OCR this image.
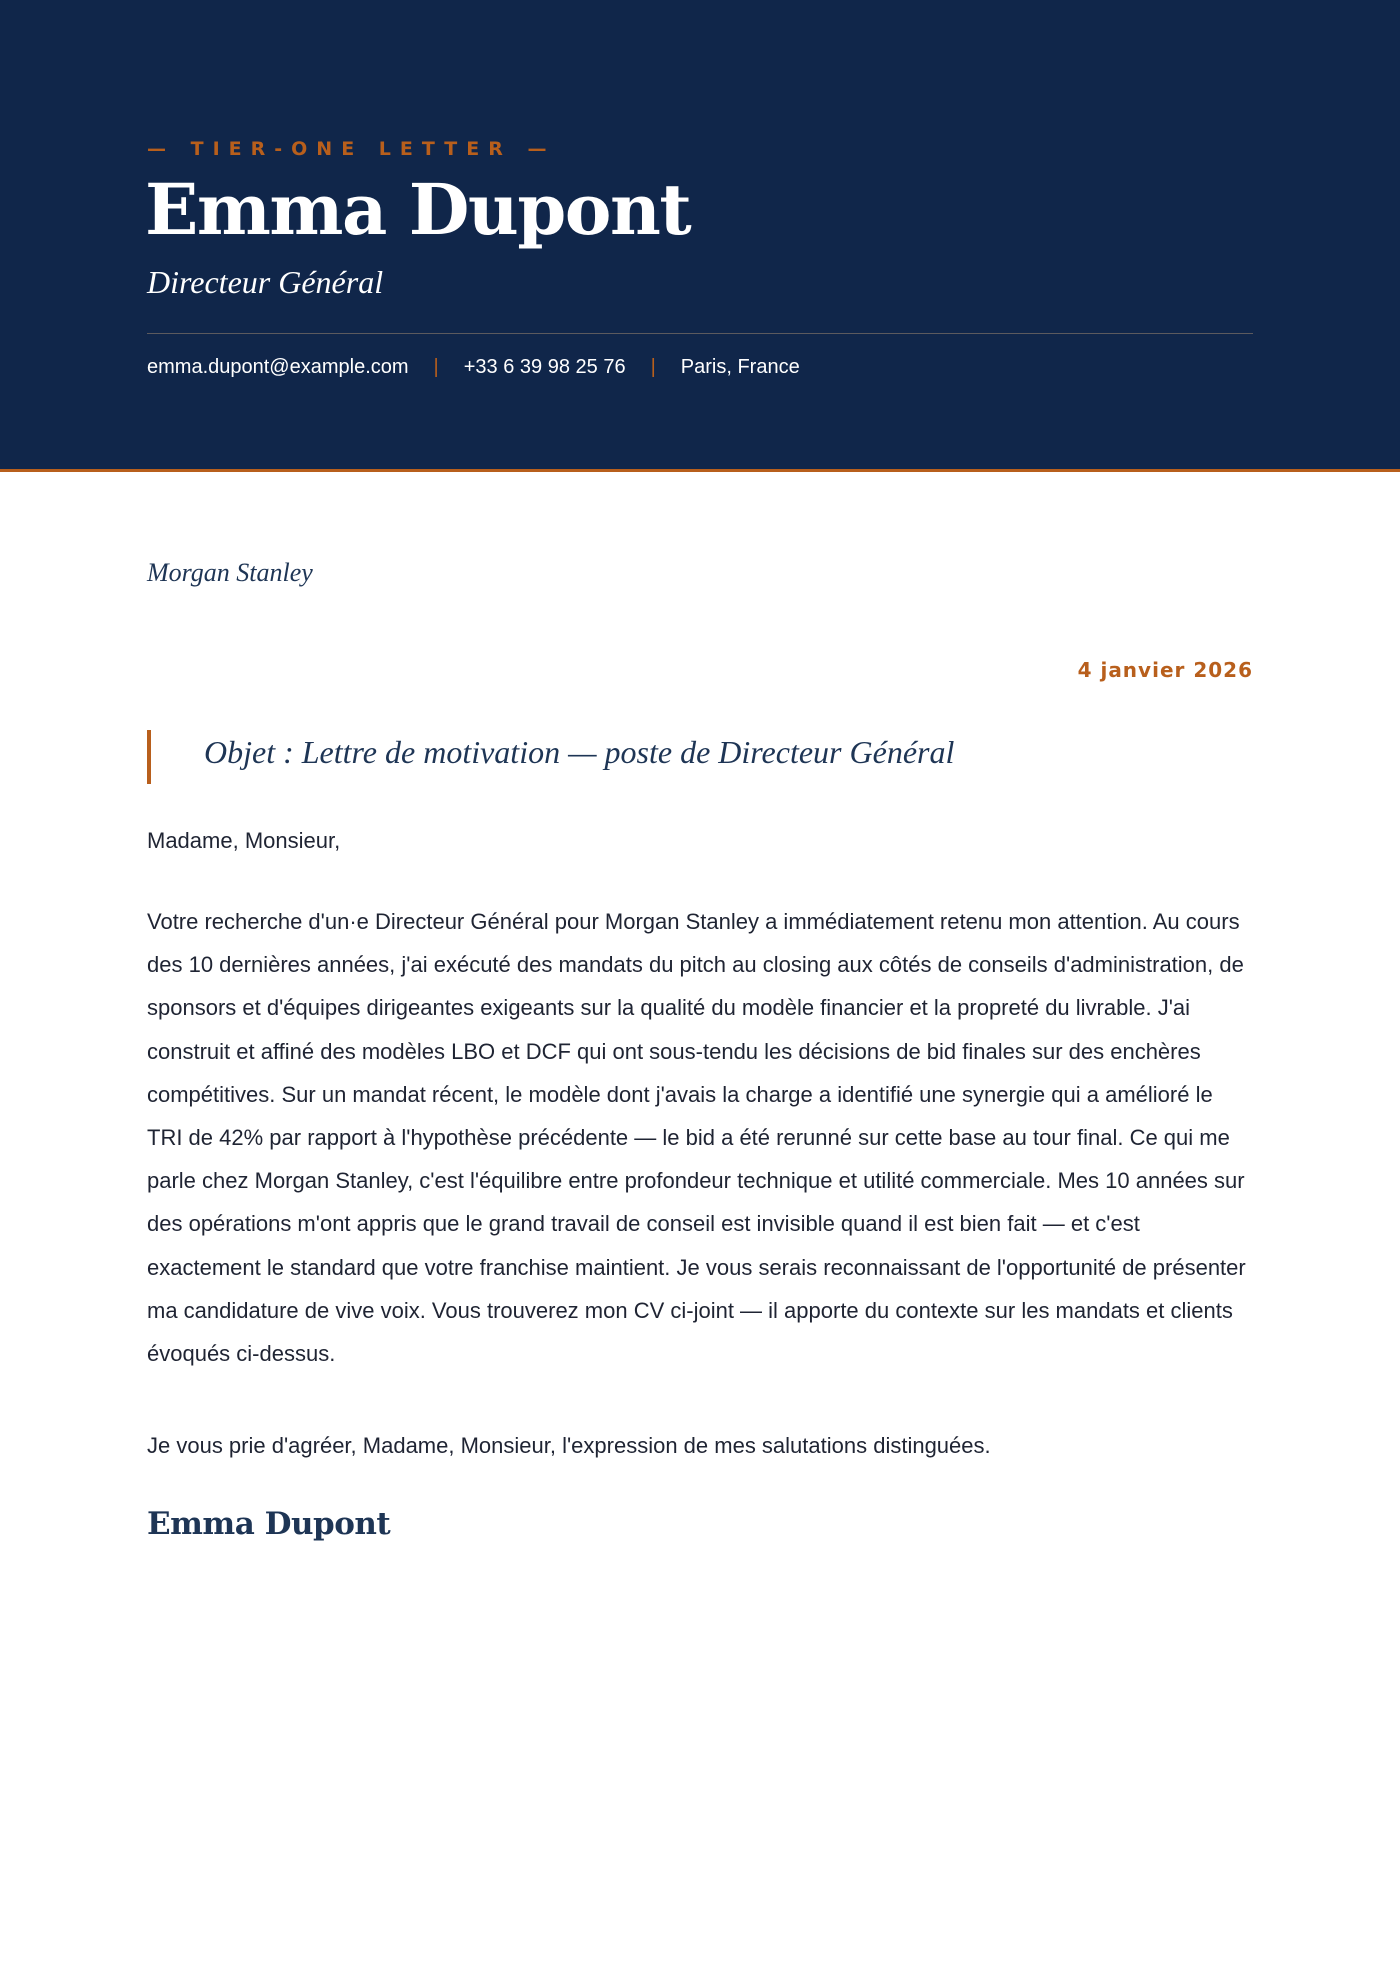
— TIER-ONE LETTER —
Emma Dupont
Directeur Général
emma.dupont@example.com | +33 6 39 98 25 76 | Paris, France
Morgan Stanley
4 janvier 2026
Objet : Lettre de motivation — poste de Directeur Général
Madame, Monsieur,
Votre recherche d'un·e Directeur Général pour Morgan Stanley a immédiatement retenu mon attention. Au cours des 10 dernières années, j'ai exécuté des mandats du pitch au closing aux côtés de conseils d'administration, de sponsors et d'équipes dirigeantes exigeants sur la qualité du modèle financier et la propreté du livrable. J'ai construit et affiné des modèles LBO et DCF qui ont sous-tendu les décisions de bid finales sur des enchères compétitives. Sur un mandat récent, le modèle dont j'avais la charge a identifié une synergie qui a amélioré le TRI de 42% par rapport à l'hypothèse précédente — le bid a été rerunné sur cette base au tour final. Ce qui me parle chez Morgan Stanley, c'est l'équilibre entre profondeur technique et utilité commerciale. Mes 10 années sur des opérations m'ont appris que le grand travail de conseil est invisible quand il est bien fait — et c'est exactement le standard que votre franchise maintient. Je vous serais reconnaissant de l'opportunité de présenter ma candidature de vive voix. Vous trouverez mon CV ci-joint — il apporte du contexte sur les mandats et clients évoqués ci-dessus.
Je vous prie d'agréer, Madame, Monsieur, l'expression de mes salutations distinguées.
Emma Dupont
